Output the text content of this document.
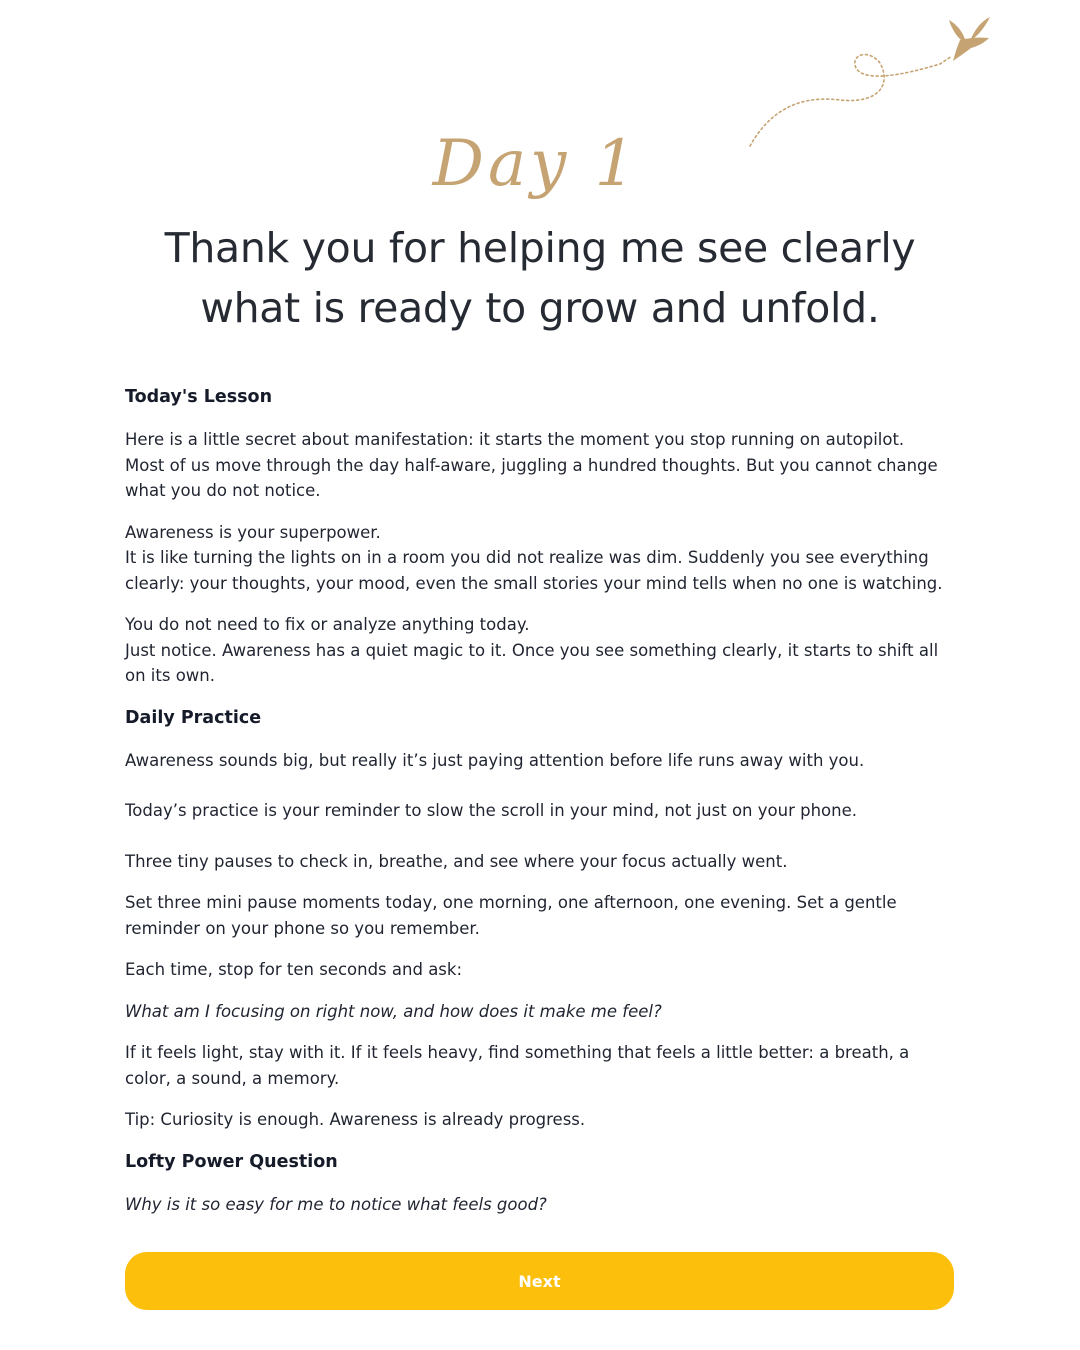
Day 1
Thank you for helping me see clearly
what is ready to grow and unfold.
Today's Lesson

Here is a little secret about manifestation: it starts the moment you stop running on autopilot.
Most of us move through the day half-aware, juggling a hundred thoughts. But you cannot change what you do not notice.

Awareness is your superpower.
It is like turning the lights on in a room you did not realize was dim. Suddenly you see everything clearly: your thoughts, your mood, even the small stories your mind tells when no one is watching.

You do not need to fix or analyze anything today.
Just notice. Awareness has a quiet magic to it. Once you see something clearly, it starts to shift all on its own.

Daily Practice

Awareness sounds big, but really it’s just paying attention before life runs away with you.

Today’s practice is your reminder to slow the scroll in your mind, not just on your phone.

Three tiny pauses to check in, breathe, and see where your focus actually went.

Set three mini pause moments today, one morning, one afternoon, one evening. Set a gentle reminder on your phone so you remember.

Each time, stop for ten seconds and ask:

What am I focusing on right now, and how does it make me feel?

If it feels light, stay with it. If it feels heavy, find something that feels a little better: a breath, a color, a sound, a memory.

Tip: Curiosity is enough. Awareness is already progress.

Lofty Power Question

Why is it so easy for me to notice what feels good?

Next
